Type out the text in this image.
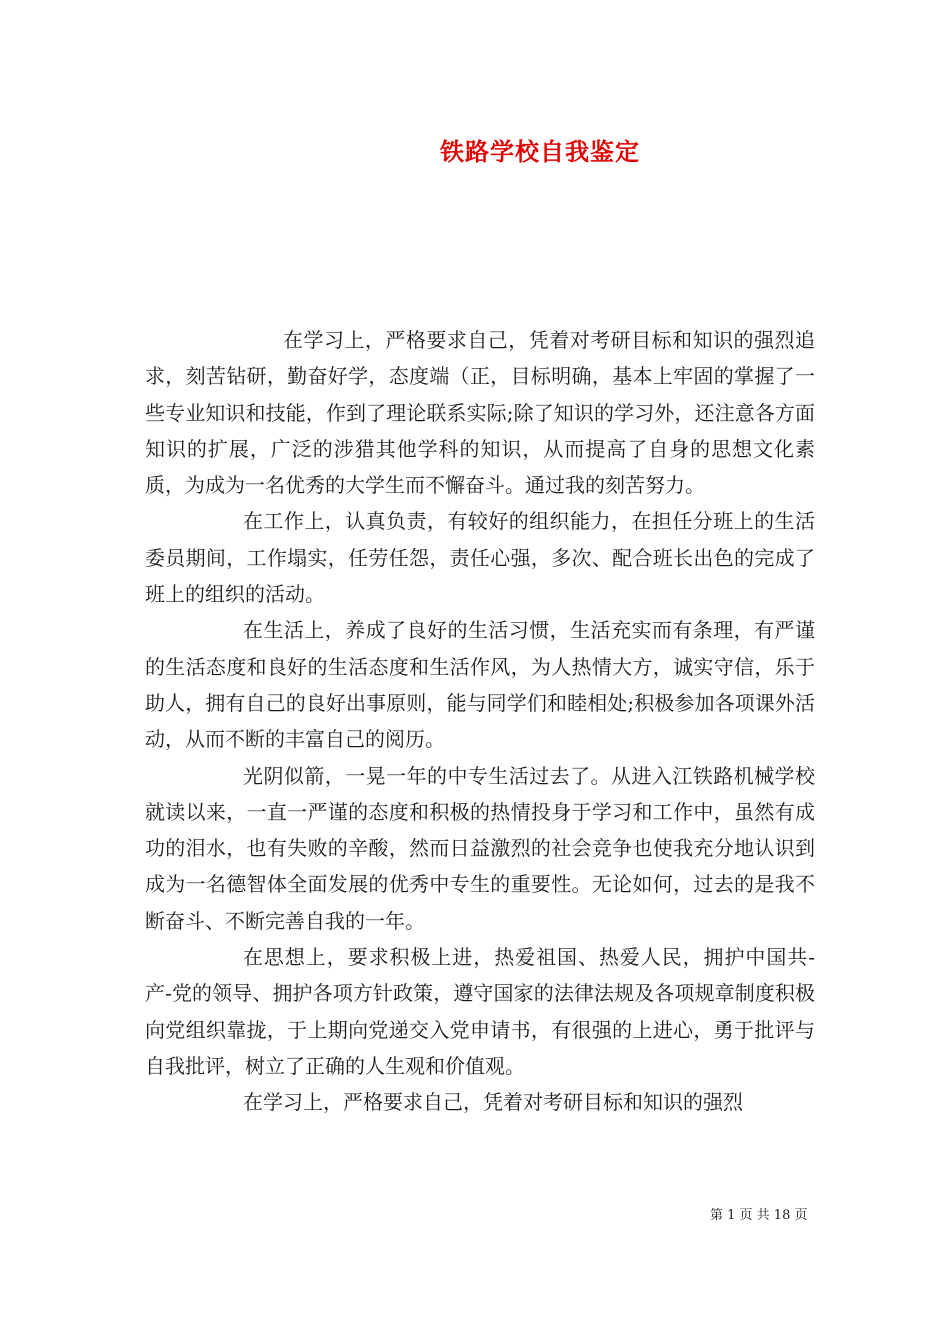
铁路学校自我鉴定

在学习上，严格要求自己，凭着对考研目标和知识的强烈追求，刻苦钻研，勤奋好学，态度端（正，目标明确，基本上牢固的掌握了一些专业知识和技能，作到了理论联系实际;除了知识的学习外，还注意各方面知识的扩展，广泛的涉猎其他学科的知识，从而提高了自身的思想文化素质，为成为一名优秀的大学生而不懈奋斗。通过我的刻苦努力。

在工作上，认真负责，有较好的组织能力，在担任分班上的生活委员期间，工作塌实，任劳任怨，责任心强，多次、配合班长出色的完成了班上的组织的活动。

在生活上，养成了良好的生活习惯，生活充实而有条理，有严谨的生活态度和良好的生活态度和生活作风，为人热情大方，诚实守信，乐于助人，拥有自己的良好出事原则，能与同学们和睦相处;积极参加各项课外活动，从而不断的丰富自己的阅历。

光阴似箭，一晃一年的中专生活过去了。从进入江铁路机械学校就读以来，一直一严谨的态度和积极的热情投身于学习和工作中，虽然有成功的泪水，也有失败的辛酸，然而日益激烈的社会竞争也使我充分地认识到成为一名德智体全面发展的优秀中专生的重要性。无论如何，过去的是我不断奋斗、不断完善自我的一年。

在思想上，要求积极上进，热爱祖国、热爱人民，拥护中国共-产-党的领导、拥护各项方针政策，遵守国家的法律法规及各项规章制度积极向党组织靠拢，于上期向党递交入党申请书，有很强的上进心，勇于批评与自我批评，树立了正确的人生观和价值观。

在学习上，严格要求自己，凭着对考研目标和知识的强烈

第 1 页 共 18 页
